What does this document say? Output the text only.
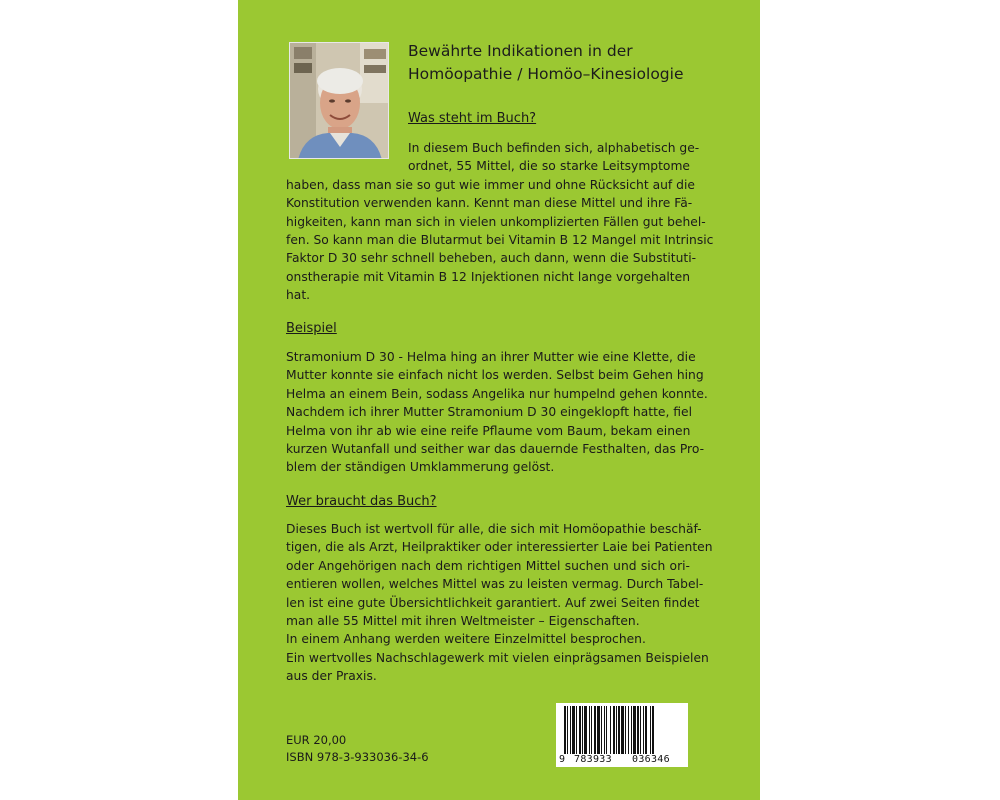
Bewährte Indikationen in der
Homöopathie / Homöo–Kinesiologie
Was steht im Buch?
In diesem Buch befinden sich, alphabetisch ge-
ordnet, 55 Mittel, die so starke Leitsymptome
haben, dass man sie so gut wie immer und ohne Rücksicht auf die
Konstitution verwenden kann. Kennt man diese Mittel und ihre Fä-
higkeiten, kann man sich in vielen unkomplizierten Fällen gut behel-
fen. So kann man die Blutarmut bei Vitamin B 12 Mangel mit Intrinsic
Faktor D 30 sehr schnell beheben, auch dann, wenn die Substituti-
onstherapie mit Vitamin B 12 Injektionen nicht lange vorgehalten
hat.
Beispiel
Stramonium D 30 - Helma hing an ihrer Mutter wie eine Klette, die
Mutter konnte sie einfach nicht los werden. Selbst beim Gehen hing
Helma an einem Bein, sodass Angelika nur humpelnd gehen konnte.
Nachdem ich ihrer Mutter Stramonium D 30 eingeklopft hatte, fiel
Helma von ihr ab wie eine reife Pflaume vom Baum, bekam einen
kurzen Wutanfall und seither war das dauernde Festhalten, das Pro-
blem der ständigen Umklammerung gelöst.
Wer braucht das Buch?
Dieses Buch ist wertvoll für alle, die sich mit Homöopathie beschäf-
tigen, die als Arzt, Heilpraktiker oder interessierter Laie bei Patienten
oder Angehörigen nach dem richtigen Mittel suchen und sich ori-
entieren wollen, welches Mittel was zu leisten vermag. Durch Tabel-
len ist eine gute Übersichtlichkeit garantiert. Auf zwei Seiten findet
man alle 55 Mittel mit ihren Weltmeister – Eigenschaften.
In einem Anhang werden weitere Einzelmittel besprochen.
Ein wertvolles Nachschlagewerk mit vielen einprägsamen Beispielen
aus der Praxis.
EUR 20,00
ISBN 978-3-933036-34-6	9 783933 036346
